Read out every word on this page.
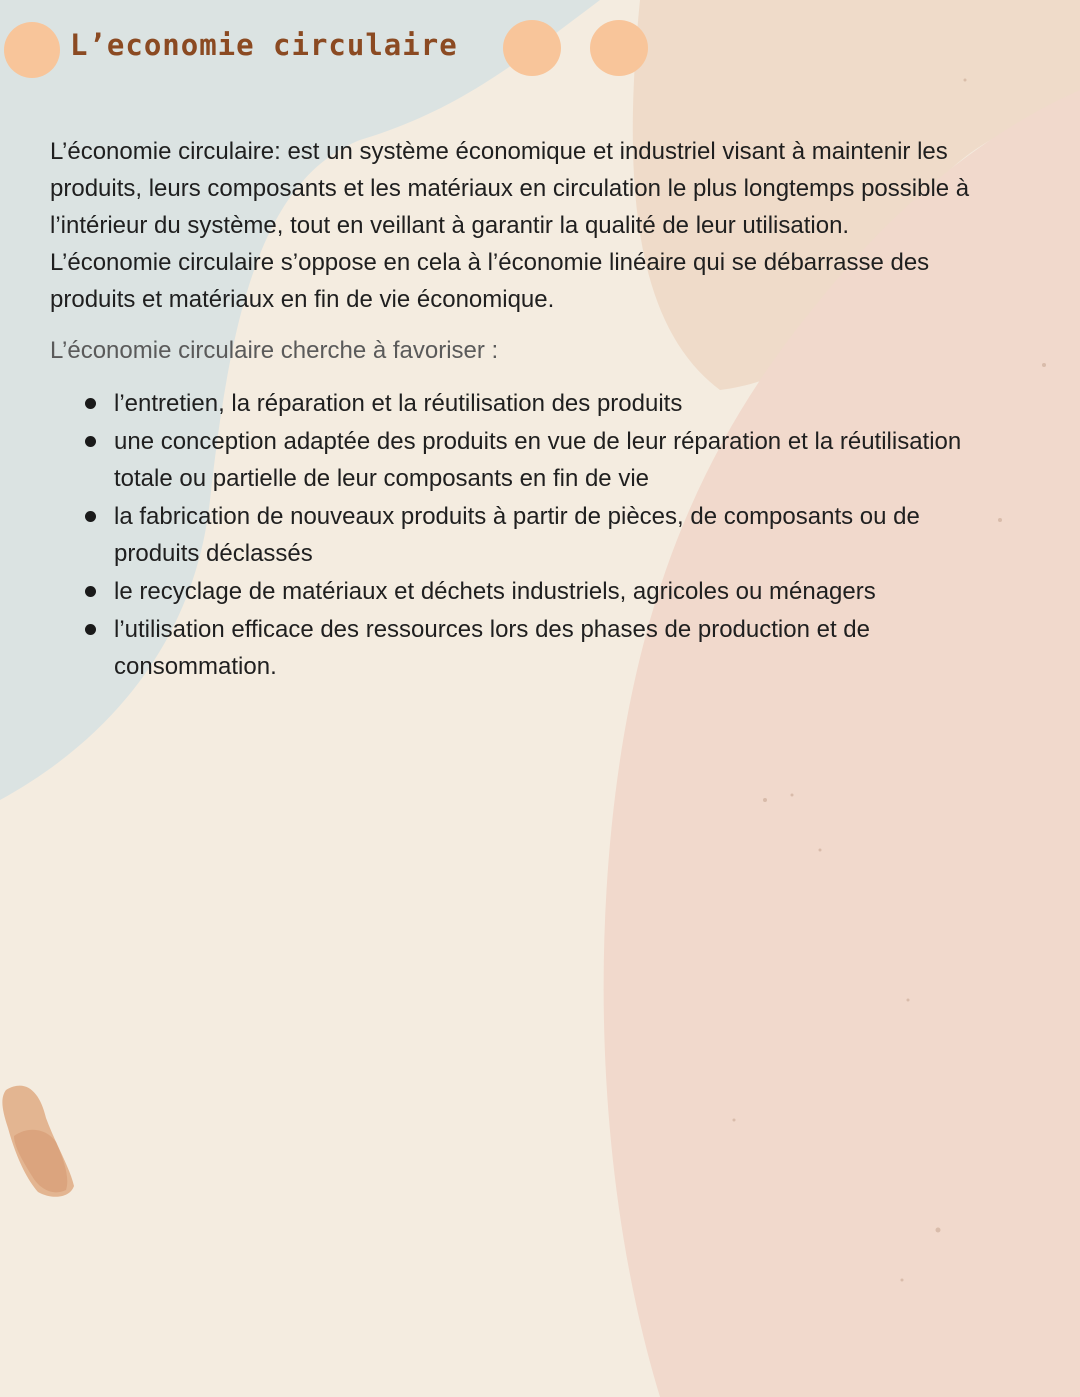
L’economie circulaire

L’économie circulaire: est un système économique et industriel visant à maintenir les
produits, leurs composants et les matériaux en circulation le plus longtemps possible à
l’intérieur du système, tout en veillant à garantir la qualité de leur utilisation.
L’économie circulaire s’oppose en cela à l’économie linéaire qui se débarrasse des
produits et matériaux en fin de vie économique.

L’économie circulaire cherche à favoriser :

l’entretien, la réparation et la réutilisation des produits
une conception adaptée des produits en vue de leur réparation et la réutilisation
totale ou partielle de leur composants en fin de vie
la fabrication de nouveaux produits à partir de pièces, de composants ou de
produits déclassés
le recyclage de matériaux et déchets industriels, agricoles ou ménagers
l’utilisation efficace des ressources lors des phases de production et de
consommation.
